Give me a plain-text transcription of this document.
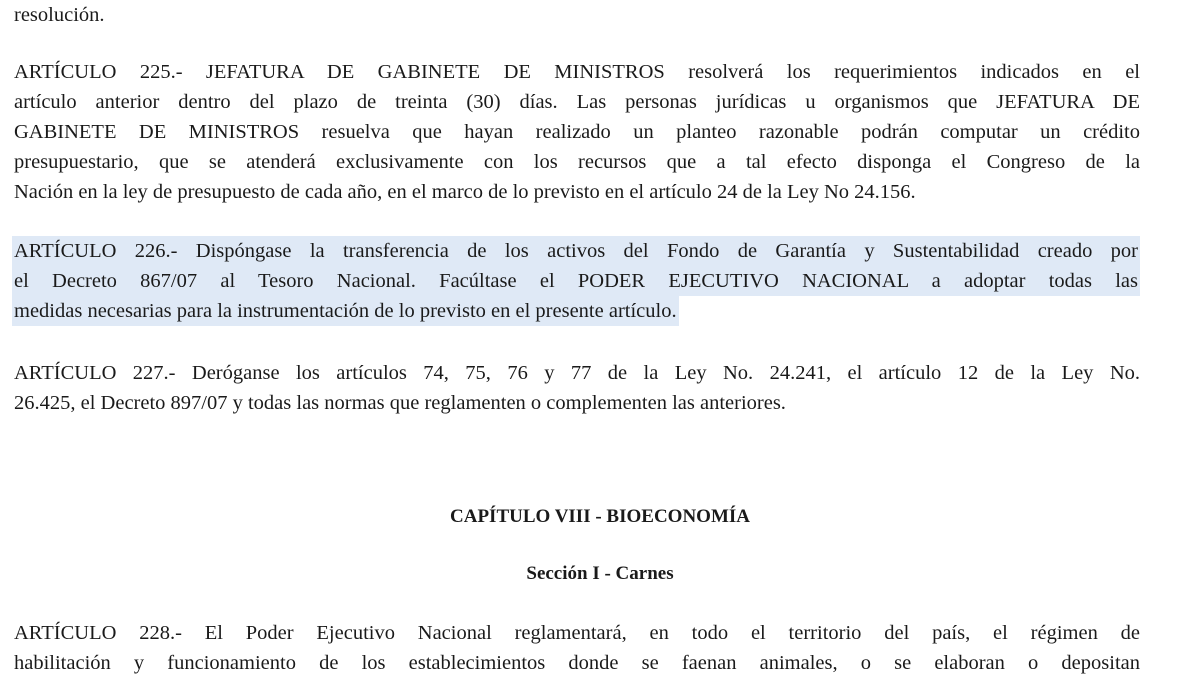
resolución.

ARTÍCULO 225.- JEFATURA DE GABINETE DE MINISTROS resolverá los requerimientos indicados en el
artículo anterior dentro del plazo de treinta (30) días. Las personas jurídicas u organismos que JEFATURA DE
GABINETE DE MINISTROS resuelva que hayan realizado un planteo razonable podrán computar un crédito
presupuestario, que se atenderá exclusivamente con los recursos que a tal efecto disponga el Congreso de la
Nación en la ley de presupuesto de cada año, en el marco de lo previsto en el artículo 24 de la Ley No 24.156.

ARTÍCULO 226.- Dispóngase la transferencia de los activos del Fondo de Garantía y Sustentabilidad creado por
el Decreto 867/07 al Tesoro Nacional. Facúltase el PODER EJECUTIVO NACIONAL a adoptar todas las
medidas necesarias para la instrumentación de lo previsto en el presente artículo.

ARTÍCULO 227.- Deróganse los artículos 74, 75, 76 y 77 de la Ley No. 24.241, el artículo 12 de la Ley No.
26.425, el Decreto 897/07 y todas las normas que reglamenten o complementen las anteriores.

CAPÍTULO VIII - BIOECONOMÍA
Sección I - Carnes

ARTÍCULO 228.- El Poder Ejecutivo Nacional reglamentará, en todo el territorio del país, el régimen de
habilitación y funcionamiento de los establecimientos donde se faenan animales, o se elaboran o depositan
